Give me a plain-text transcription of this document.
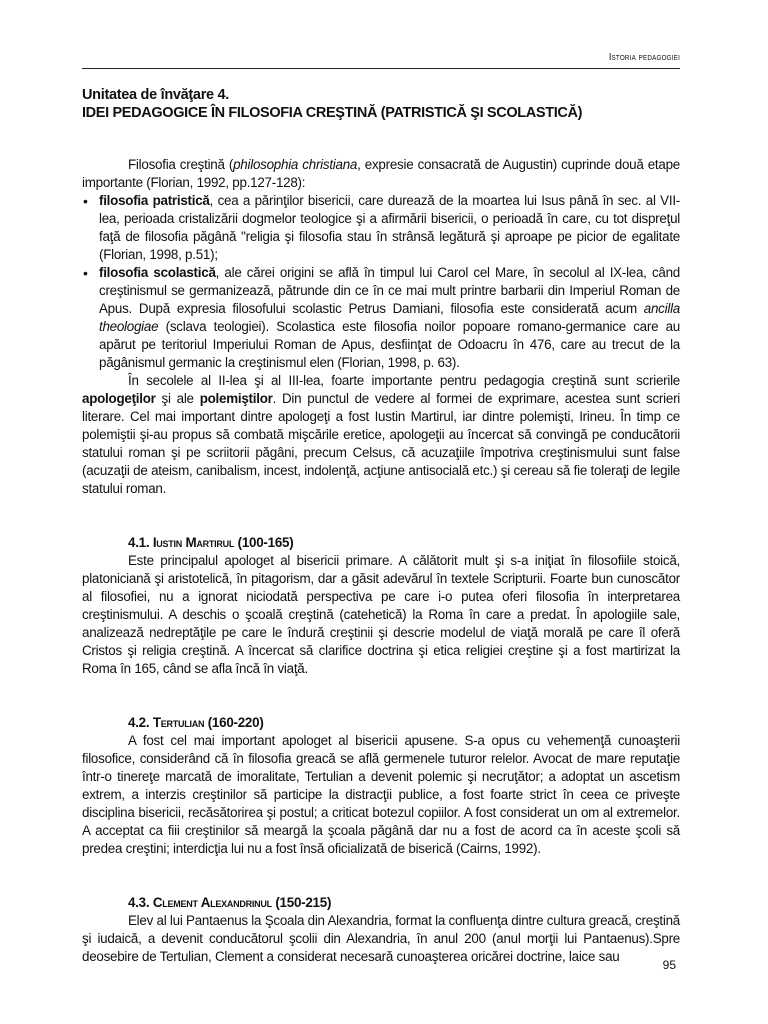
Istoria pedagogiei
Unitatea de învăţare 4.
IDEI PEDAGOGICE ÎN FILOSOFIA CREŞTINĂ (PATRISTICĂ ŞI SCOLASTICĂ)

Filosofia creştină (philosophia christiana, expresie consacrată de Augustin) cuprinde două etape importante (Florian, 1992, pp.127-128):

• filosofia patristică, cea a părinţilor bisericii, care durează de la moartea lui Isus până în sec. al VII-lea, perioada cristalizării dogmelor teologice şi a afirmării bisericii, o perioadă în care, cu tot dispreţul faţă de filosofia păgână "religia şi filosofia stau în strânsă legătură şi aproape pe picior de egalitate (Florian, 1998, p.51);
• filosofia scolastică, ale cărei origini se află în timpul lui Carol cel Mare, în secolul al IX-lea, când creştinismul se germanizează, pătrunde din ce în ce mai mult printre barbarii din Imperiul Roman de Apus. După expresia filosofului scolastic Petrus Damiani, filosofia este considerată acum ancilla theologiae (sclava teologiei). Scolastica este filosofia noilor popoare romano-germanice care au apărut pe teritoriul Imperiului Roman de Apus, desfiinţat de Odoacru în 476, care au trecut de la păgânismul germanic la creştinismul elen (Florian, 1998, p. 63).

În secolele al II-lea şi al III-lea, foarte importante pentru pedagogia creştină sunt scrierile apologeţilor şi ale polemiştilor. Din punctul de vedere al formei de exprimare, acestea sunt scrieri literare. Cel mai important dintre apologeţi a fost Iustin Martirul, iar dintre polemişti, Irineu. În timp ce polemiştii şi-au propus să combată mişcările eretice, apologeţii au încercat să convingă pe conducătorii statului roman şi pe scriitorii păgâni, precum Celsus, că acuzaţiile împotriva creştinismului sunt false (acuzaţii de ateism, canibalism, incest, indolenţă, acţiune antisocială etc.) şi cereau să fie toleraţi de legile statului roman.

4.1. Iustin Martirul (100-165)

Este principalul apologet al bisericii primare. A călătorit mult şi s-a iniţiat în filosofiile stoică, platoniciană şi aristotelică, în pitagorism, dar a găsit adevărul în textele Scripturii. Foarte bun cunoscător al filosofiei, nu a ignorat niciodată perspectiva pe care i-o putea oferi filosofia în interpretarea creştinismului. A deschis o şcoală creştină (catehetică) la Roma în care a predat. În apologiile sale, analizează nedreptăţile pe care le îndură creştinii şi descrie modelul de viaţă morală pe care îl oferă Cristos şi religia creştină. A încercat să clarifice doctrina şi etica religiei creştine şi a fost martirizat la Roma în 165, când se afla încă în viaţă.

4.2. Tertulian (160-220)

A fost cel mai important apologet al bisericii apusene. S-a opus cu vehemenţă cunoaşterii filosofice, considerând că în filosofia greacă se află germenele tuturor relelor. Avocat de mare reputaţie într-o tinereţe marcată de imoralitate, Tertulian a devenit polemic şi necruţător; a adoptat un ascetism extrem, a interzis creştinilor să participe la distracţii publice, a fost foarte strict în ceea ce priveşte disciplina bisericii, recăsătorirea şi postul; a criticat botezul copiilor. A fost considerat un om al extremelor. A acceptat ca fiii creştinilor să meargă la şcoala păgână dar nu a fost de acord ca în aceste şcoli să predea creştini; interdicţia lui nu a fost însă oficializată de biserică (Cairns, 1992).

4.3. Clement Alexandrinul (150-215)

Elev al lui Pantaenus la Şcoala din Alexandria, format la confluenţa dintre cultura greacă, creştină şi iudaică, a devenit conducătorul şcolii din Alexandria, în anul 200 (anul morţii lui Pantaenus).Spre deosebire de Tertulian, Clement a considerat necesară cunoaşterea oricărei doctrine, laice sau

95
